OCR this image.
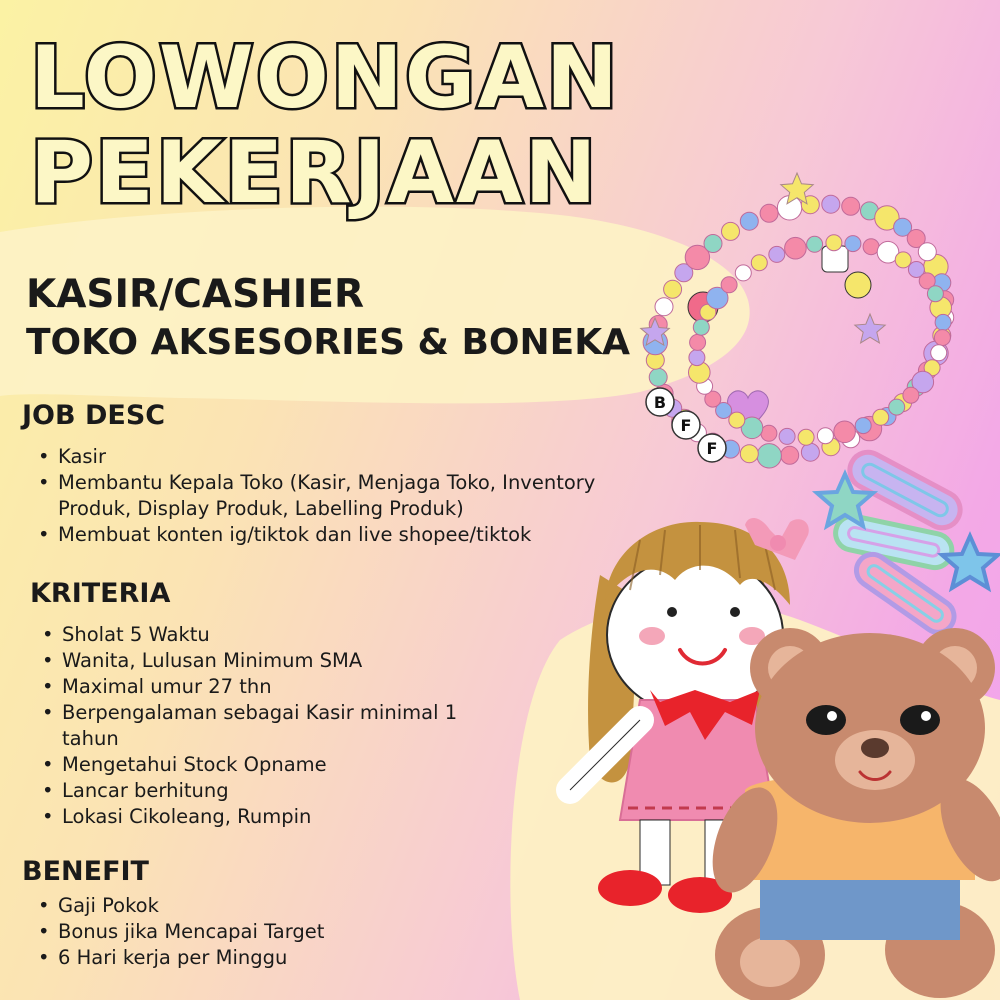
LOWONGAN
PEKERJAAN
KASIR/CASHIER
TOKO AKSESORIES & BONEKA
JOB DESC
• Kasir
• Membantu Kepala Toko (Kasir, Menjaga Toko, Inventory Produk, Display Produk, Labelling Produk)
• Membuat konten ig/tiktok dan live shopee/tiktok
KRITERIA
• Sholat 5 Waktu
• Wanita, Lulusan Minimum SMA
• Maximal umur 27 thn
• Berpengalaman sebagai Kasir minimal 1 tahun
• Mengetahui Stock Opname
• Lancar berhitung
• Lokasi Cikoleang, Rumpin
BENEFIT
• Gaji Pokok
• Bonus jika Mencapai Target
• 6 Hari kerja per Minggu
B
F
F
